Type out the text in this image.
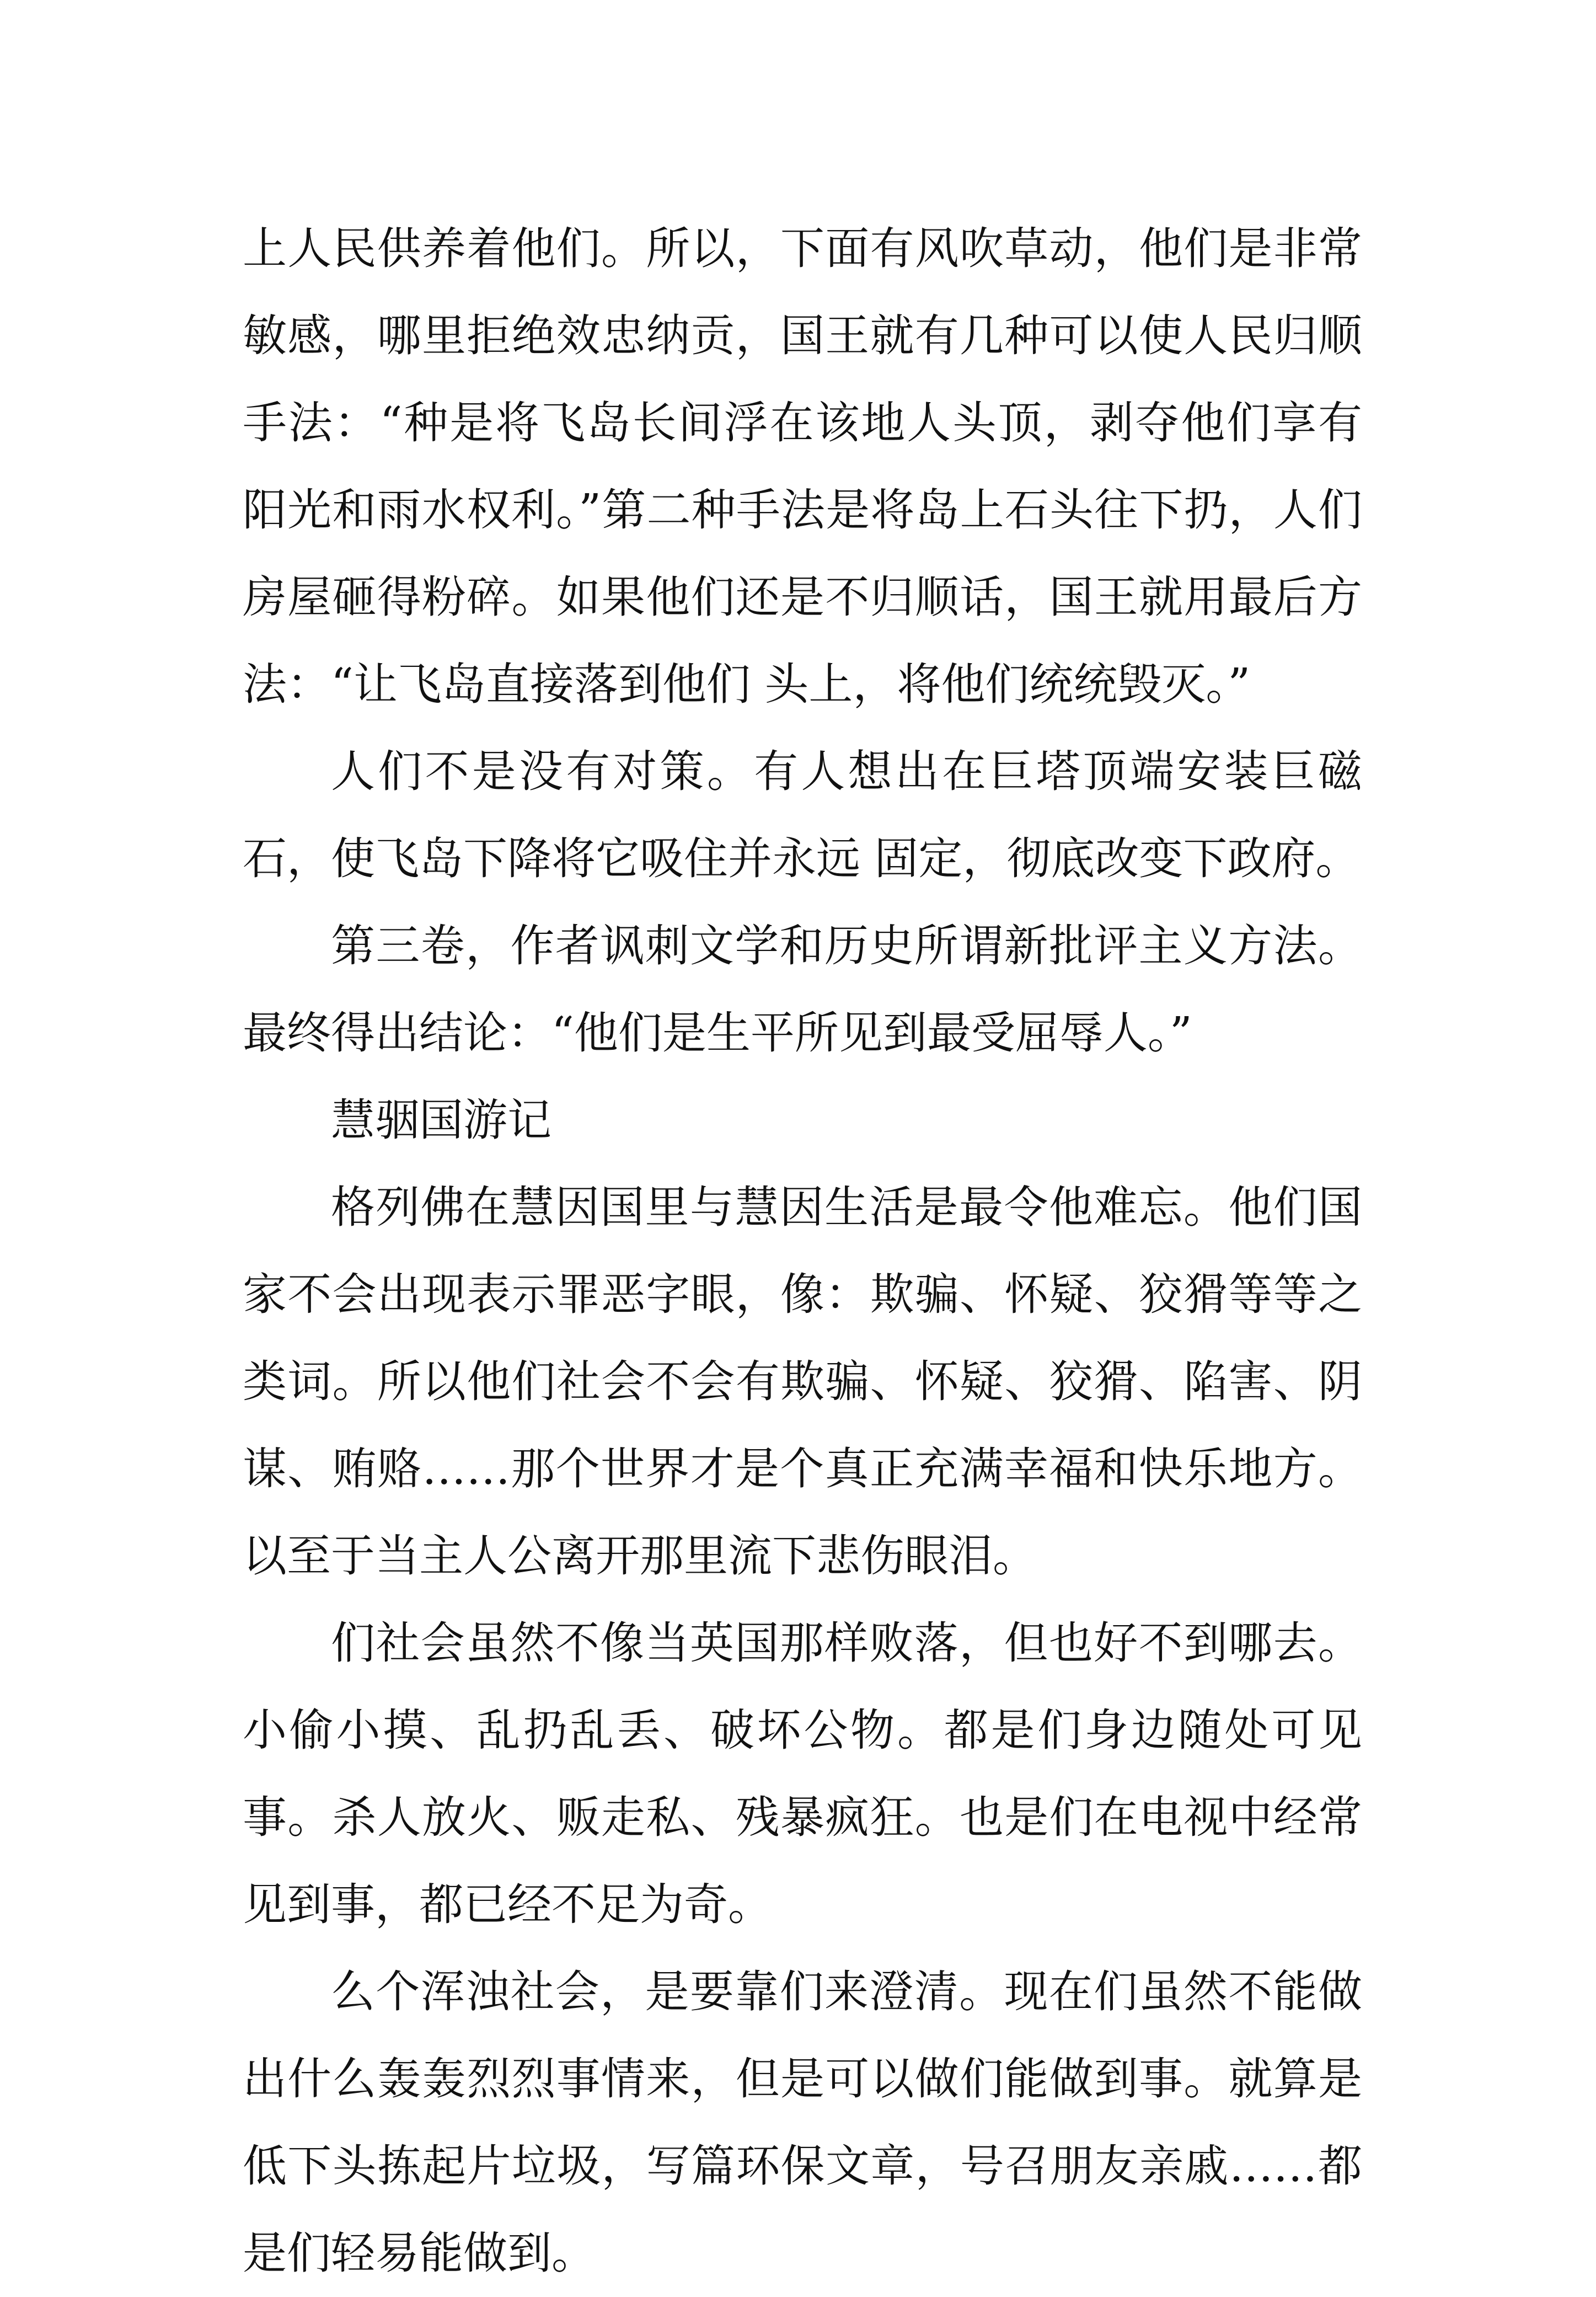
上人民供养着他们。所以，下面有风吹草动，他们是非常敏感，哪里拒绝效忠纳贡，国王就有几种可以使人民归顺手法：“种是将飞岛长间浮在该地人头顶，剥夺他们享有阳光和雨水权利。”第二种手法是将岛上石头往下扔，人们房屋砸得粉碎。如果他们还是不归顺话，国王就用最后方法：“让飞岛直接落到他们 头上，将他们统统毁灭。”

人们不是没有对策。有人想出在巨塔顶端安装巨磁石，使飞岛下降将它吸住并永远 固定，彻底改变下政府。

第三卷，作者讽刺文学和历史所谓新批评主义方法。最终得出结论：“他们是生平所见到最受屈辱人。”

慧骃国游记

格列佛在慧因国里与慧因生活是最令他难忘。他们国家不会出现表示罪恶字眼，像：欺骗、怀疑、狡猾等等之类词。所以他们社会不会有欺骗、怀疑、狡猾、陷害、阴谋、贿赂……那个世界才是个真正充满幸福和快乐地方。以至于当主人公离开那里流下悲伤眼泪。

们社会虽然不像当英国那样败落，但也好不到哪去。小偷小摸、乱扔乱丢、破坏公物。都是们身边随处可见事。杀人放火、贩走私、残暴疯狂。也是们在电视中经常见到事，都已经不足为奇。

么个浑浊社会，是要靠们来澄清。现在们虽然不能做出什么轰轰烈烈事情来，但是可以做们能做到事。就算是低下头拣起片垃圾，写篇环保文章，号召朋友亲戚……都是们轻易能做到。
